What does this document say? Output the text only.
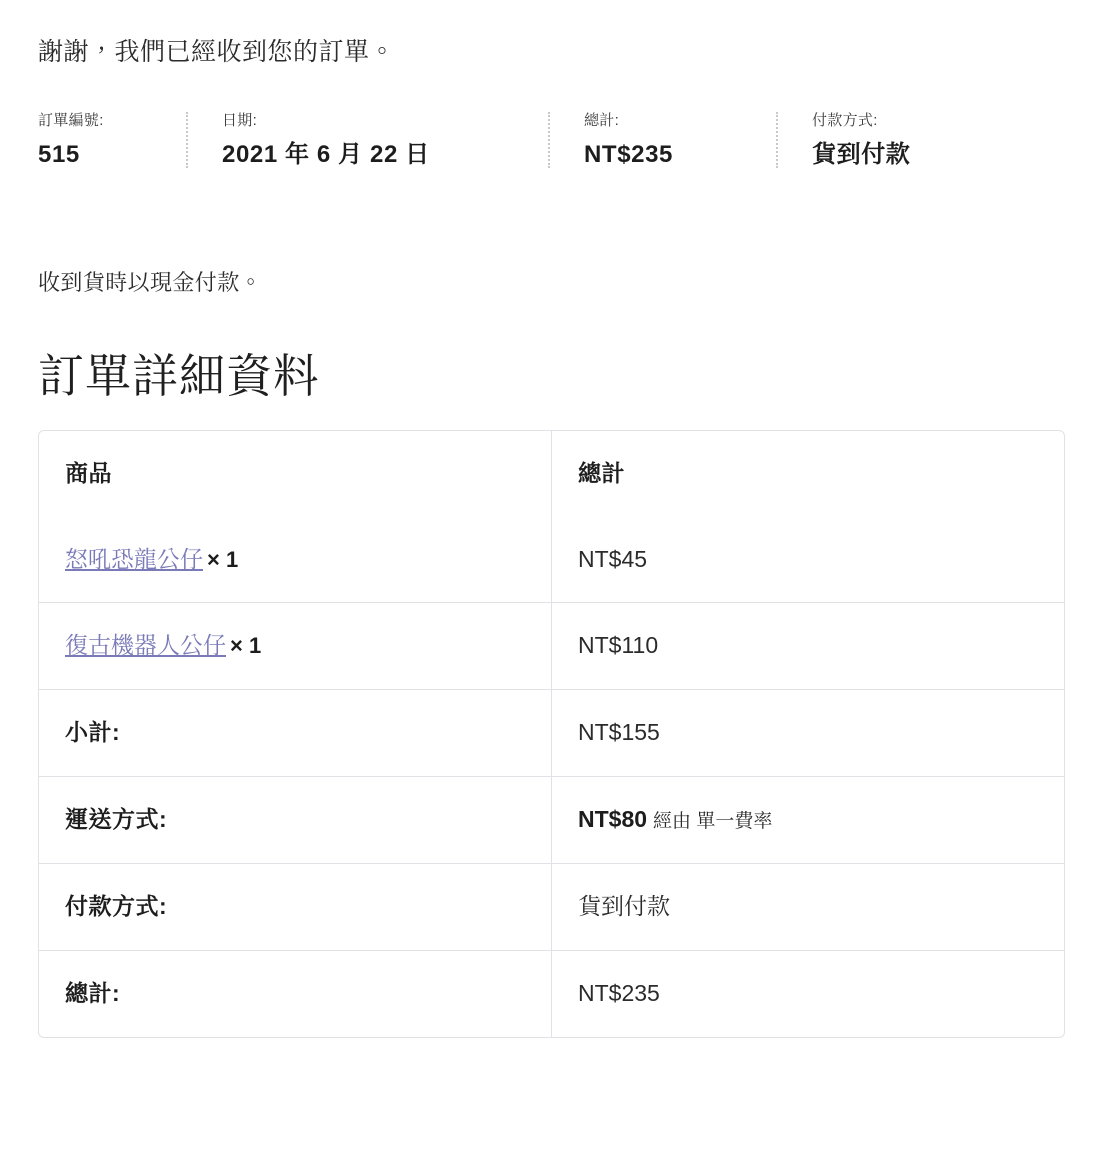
謝謝，我們已經收到您的訂單。

訂單編號:
515
日期:
2021 年 6 月 22 日
總計:
NT$235
付款方式:
貨到付款

收到貨時以現金付款。

訂單詳細資料
商品	總計
怒吼恐龍公仔 × 1	NT$45
復古機器人公仔 × 1	NT$110
小計:	NT$155
運送方式:	NT$80 經由 單一費率
付款方式:	貨到付款
總計:	NT$235
